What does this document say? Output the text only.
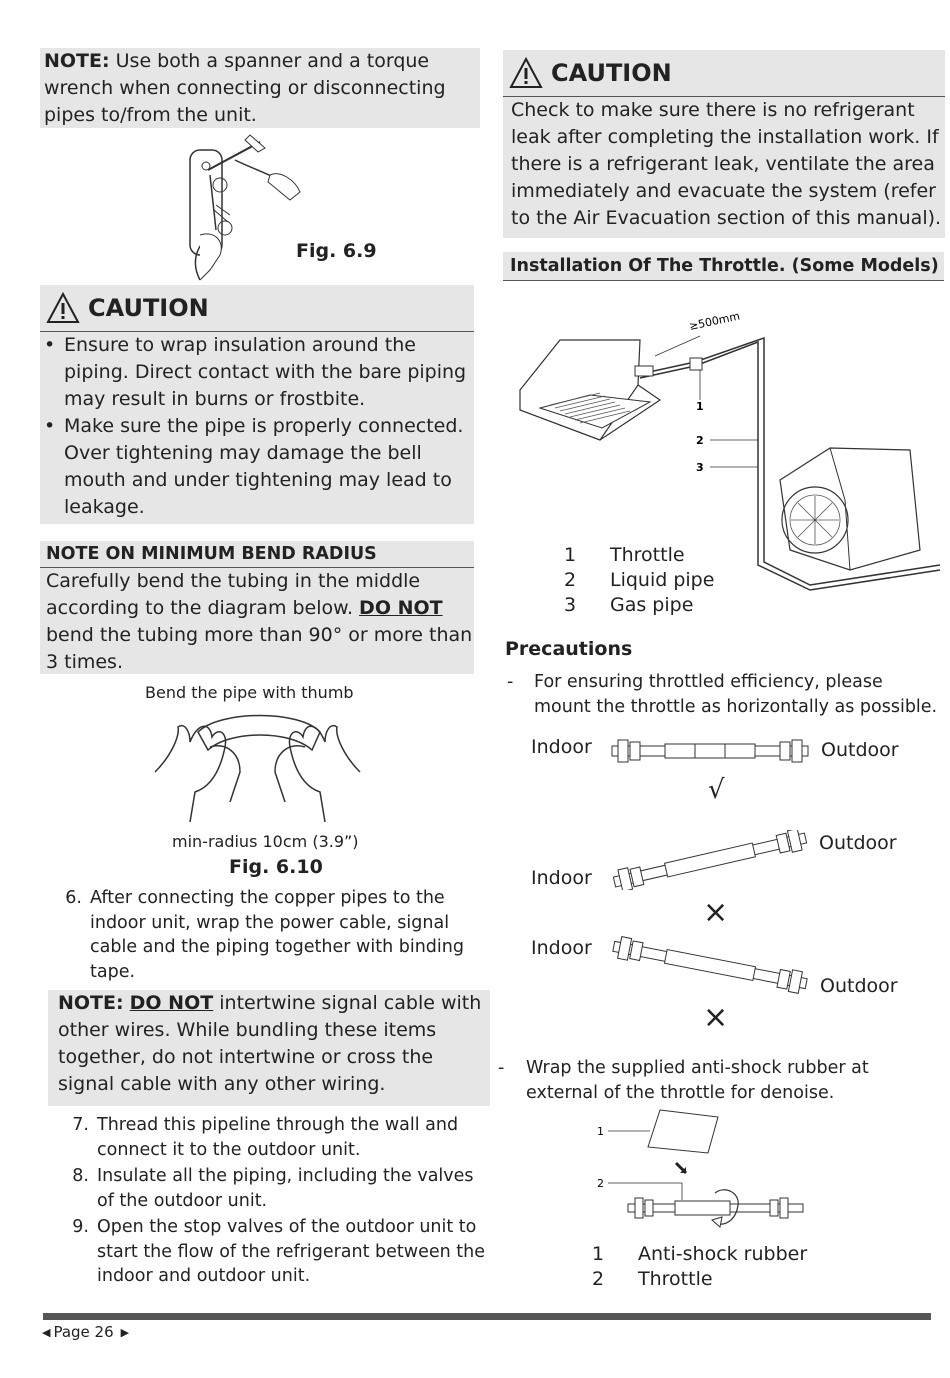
NOTE: Use both a spanner and a torque wrench when connecting or disconnecting pipes to/from the unit.
Fig. 6.9
CAUTION
• Ensure to wrap insulation around the piping. Direct contact with the bare piping may result in burns or frostbite.
• Make sure the pipe is properly connected. Over tightening may damage the bell mouth and under tightening may lead to leakage.
NOTE ON MINIMUM BEND RADIUS
Carefully bend the tubing in the middle according to the diagram below. DO NOT bend the tubing more than 90° or more than 3 times.
Bend the pipe with thumb
min-radius 10cm (3.9”)
Fig. 6.10
6. After connecting the copper pipes to the indoor unit, wrap the power cable, signal cable and the piping together with binding tape.
NOTE: DO NOT intertwine signal cable with other wires. While bundling these items together, do not intertwine or cross the signal cable with any other wiring.
7. Thread this pipeline through the wall and connect it to the outdoor unit.
8. Insulate all the piping, including the valves of the outdoor unit.
9. Open the stop valves of the outdoor unit to start the flow of the refrigerant between the indoor and outdoor unit.
CAUTION
Check to make sure there is no refrigerant leak after completing the installation work. If there is a refrigerant leak, ventilate the area immediately and evacuate the system (refer to the Air Evacuation section of this manual).
Installation Of The Throttle. (Some Models)
≥500mm
1
2
3
1	Throttle
2	Liquid pipe
3	Gas pipe
Precautions
-	For ensuring throttled efficiency, please mount the throttle as horizontally as possible.
Indoor	Outdoor
√
Outdoor
Indoor
×
Indoor
Outdoor
×
-	Wrap the supplied anti-shock rubber at external of the throttle for denoise.
1
2
1	Anti-shock rubber
2	Throttle
◀ Page 26 ▶
